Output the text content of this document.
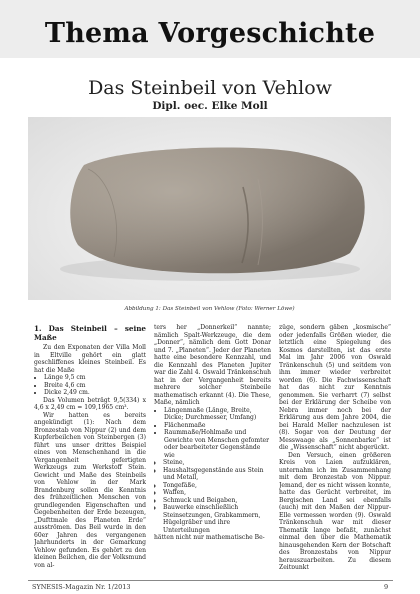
Thema Vorgeschichte
Das Steinbeil von Vehlow
Dipl. oec. Elke Moll
Abbildung 1: Das Steinbeil von Vehlow (Foto: Werner Löwe)
1. Das Steinbeil – seine Maße

Zu den Exponaten der Villa Moll in Eltville gehört ein glatt geschliffenes kleines Steinbeil. Es hat die Maße

• Länge 9,5 cm
• Breite 4,6 cm
• Dicke 2,49 cm.

Das Volumen beträgt 9,5(334) x 4,6 x 2,49 cm = 109,1965 cm³.

Wir hatten es bereits angekündigt (1): Nach dem Bronzestab von Nippur (2) und dem Kupferbeilchen von Steinbergen (3) führt uns unser drittes Beispiel eines von Menschenhand in die Vergangenheit gefertigten Werkzeugs zum Werkstoff Stein. Gewicht und Maße des Steinbeils von Vehlow in der Mark Brandenburg sollen die Kenntnis des frühzeitlichen Menschen von grundlegenden Eigenschaften und Gegebenheiten der Erde bezeugen, „Dufttmale des Planeten Erde“ ausströmen. Das Beil wurde in den 60er Jahren des vergangenen Jahrhunderts in der Gemarkung Vehlow gefunden. Es gehört zu den kleinen Beilchen, die der Volksmund von al-

ters her „Donnerkeil“ nannte; nämlich Spalt-Werkzeuge, die dem „Donner“, nämlich dem Gott Donar und 7. „Planeten“. Jeder der Planeten hatte eine besondere Kennzahl, und die Kennzahl des Planeten Jupiter war die Zahl 4. Oswald Tränkenschuh hat in der Vergangenheit bereits mehrere solcher Steinbeile mathematisch erkannt (4). Die These, Maße, nämlich

• Längenmaße (Länge, Breite, Dicke; Durchmesser, Umfang)
• Flächenmaße
• Raummaße/Hohlmaße und Gewichte von Menschen gefomter oder bearbeiteter Gegenstände wie
◦ Steine,
◦ Haushaltsgegenstände aus Stein und Metall,
◦ Tongefäße,
◦ Waffen,
◦ Schmuck und Beigaben,
◦ Bauwerke einschließlich Steinsetzungen, Grabkammern, Hügelgräber und ihre Unterteilungen

hätten nicht nur mathematische Be-

züge, sondern gäben „kosmische“ oder jedenfalls Größen wieder, die letztlich eine Spiegelung des Kosmos darstellten, ist das erste Mal im Jahr 2006 von Oswald Tränkenschuh (5) und seitdem von ihm immer wieder verbreitet worden (6). Die Fachwissenschaft hat das nicht zur Kenntnis genommen. Sie verharrt (7) selbst bei der Erklärung der Scheibe von Nebra immer noch bei der Erklärung aus dem Jahre 2004, die bei Harald Meller nachzulesen ist (8). Sogar von der Deutung der Messwaage als „Sonnenbarke“ ist die „Wissenschaft“ nicht abgerückt.

Den Versuch, einen größeren Kreis von Laien aufzuklären, unternahm ich im Zusammenhang mit dem Bronzestab von Nippur. Jemand, der es nicht wissen konnte, hatte das Gerücht verbreitet, im Bergischen Land sei ebenfalls (auch) mit den Maßen der Nippur-Elle vermessen worden (9). Oswald Tränkenschuh war mit dieser Thematik lange befaßt, zunächst einmal den über die Mathematik hinausgehenden Kern der Botschaft des Bronzestabs von Nippur herauszuarbeiten. Zu diesem Zeitpunkt

SYNESIS-Magazin Nr. 1/2013	9
